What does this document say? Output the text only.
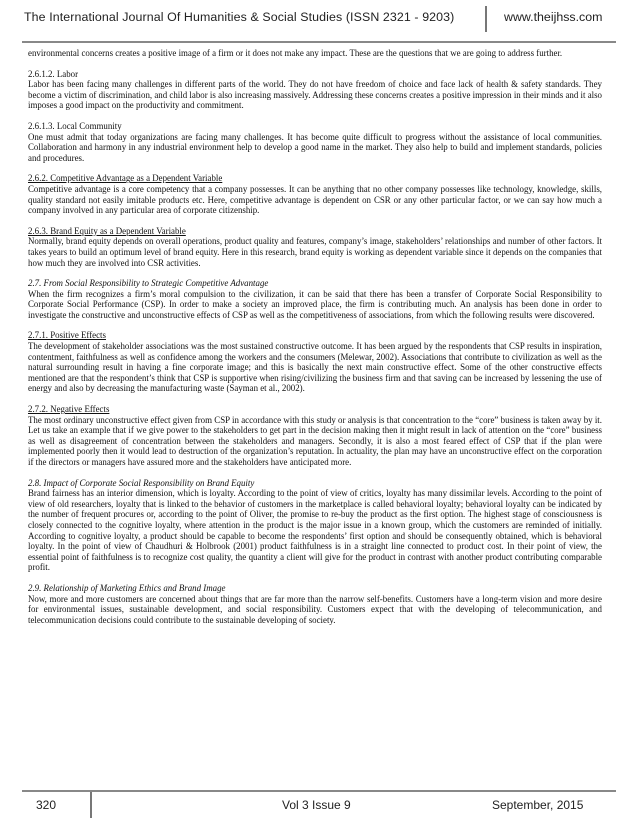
The International Journal Of Humanities & Social Studies (ISSN 2321 - 9203)	www.theijhss.com

environmental concerns creates a positive image of a firm or it does not make any impact. These are the questions that we are going to address further.

2.6.1.2. Labor

Labor has been facing many challenges in different parts of the world. They do not have freedom of choice and face lack of health & safety standards. They become a victim of discrimination, and child labor is also increasing massively. Addressing these concerns creates a positive impression in their minds and it also imposes a good impact on the productivity and commitment.

2.6.1.3. Local Community

One must admit that today organizations are facing many challenges. It has become quite difficult to progress without the assistance of local communities. Collaboration and harmony in any industrial environment help to develop a good name in the market. They also help to build and implement standards, policies and procedures.

2.6.2. Competitive Advantage as a Dependent Variable

Competitive advantage is a core competency that a company possesses. It can be anything that no other company possesses like technology, knowledge, skills, quality standard not easily imitable products etc. Here, competitive advantage is dependent on CSR or any other particular factor, or we can say how much a company involved in any particular area of corporate citizenship.

2.6.3. Brand Equity as a Dependent Variable

Normally, brand equity depends on overall operations, product quality and features, company’s image, stakeholders’ relationships and number of other factors. It takes years to build an optimum level of brand equity. Here in this research, brand equity is working as dependent variable since it depends on the companies that how much they are involved into CSR activities.

2.7. From Social Responsibility to Strategic Competitive Advantage

When the firm recognizes a firm’s moral compulsion to the civilization, it can be said that there has been a transfer of Corporate Social Responsibility to Corporate Social Performance (CSP). In order to make a society an improved place, the firm is contributing much. An analysis has been done in order to investigate the constructive and unconstructive effects of CSP as well as the competitiveness of associations, from which the following results were discovered.

2.7.1. Positive Effects

The development of stakeholder associations was the most sustained constructive outcome. It has been argued by the respondents that CSP results in inspiration, contentment, faithfulness as well as confidence among the workers and the consumers (Melewar, 2002). Associations that contribute to civilization as well as the natural surrounding result in having a fine corporate image; and this is basically the next main constructive effect. Some of the other constructive effects mentioned are that the respondent’s think that CSP is supportive when rising/civilizing the business firm and that saving can be increased by lessening the use of energy and also by decreasing the manufacturing waste (Sayman et al., 2002).

2.7.2. Negative Effects

The most ordinary unconstructive effect given from CSP in accordance with this study or analysis is that concentration to the “core” business is taken away by it. Let us take an example that if we give power to the stakeholders to get part in the decision making then it might result in lack of attention on the “core” business as well as disagreement of concentration between the stakeholders and managers. Secondly, it is also a most feared effect of CSP that if the plan were implemented poorly then it would lead to destruction of the organization’s reputation. In actuality, the plan may have an unconstructive effect on the corporation if the directors or managers have assured more and the stakeholders have anticipated more.

2.8. Impact of Corporate Social Responsibility on Brand Equity

Brand fairness has an interior dimension, which is loyalty. According to the point of view of critics, loyalty has many dissimilar levels. According to the point of view of old researchers, loyalty that is linked to the behavior of customers in the marketplace is called behavioral loyalty; behavioral loyalty can be indicated by the number of frequent procures or, according to the point of Oliver, the promise to re-buy the product as the first option. The highest stage of consciousness is closely connected to the cognitive loyalty, where attention in the product is the major issue in a known group, which the customers are reminded of initially. According to cognitive loyalty, a product should be capable to become the respondents’ first option and should be consequently obtained, which is behavioral loyalty. In the point of view of Chaudhuri & Holbrook (2001) product faithfulness is in a straight line connected to product cost. In their point of view, the essential point of faithfulness is to recognize cost quality, the quantity a client will give for the product in contrast with another product contributing comparable profit.

2.9. Relationship of Marketing Ethics and Brand Image

Now, more and more customers are concerned about things that are far more than the narrow self-benefits. Customers have a long-term vision and more desire for environmental issues, sustainable development, and social responsibility. Customers expect that with the developing of telecommunication, and telecommunication decisions could contribute to the sustainable developing of society.

320	Vol 3 Issue 9	September, 2015
